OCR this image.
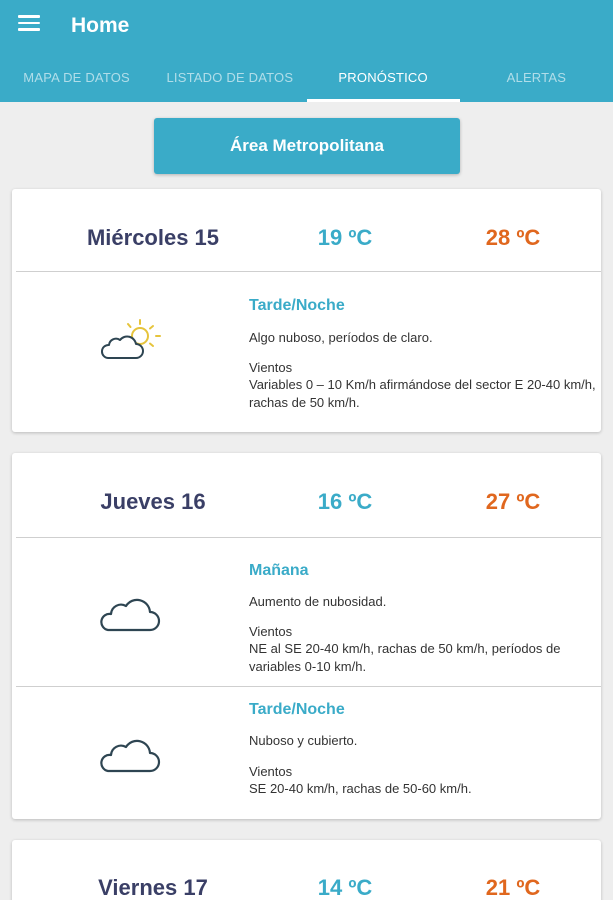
Home
MAPA DE DATOS	LISTADO DE DATOS	PRONÓSTICO	ALERTAS
Área Metropolitana
Miércoles 15	19 ºC	28 ºC
Tarde/Noche
Algo nuboso, períodos de claro.
Vientos
Variables 0 – 10 Km/h afirmándose del sector E 20-40 km/h, rachas de 50 km/h.
Jueves 16	16 ºC	27 ºC
Mañana
Aumento de nubosidad.
Vientos
NE al SE 20-40 km/h, rachas de 50 km/h, períodos de variables 0-10 km/h.
Tarde/Noche
Nuboso y cubierto.
Vientos
SE 20-40 km/h, rachas de 50-60 km/h.
Viernes 17	14 ºC	21 ºC
